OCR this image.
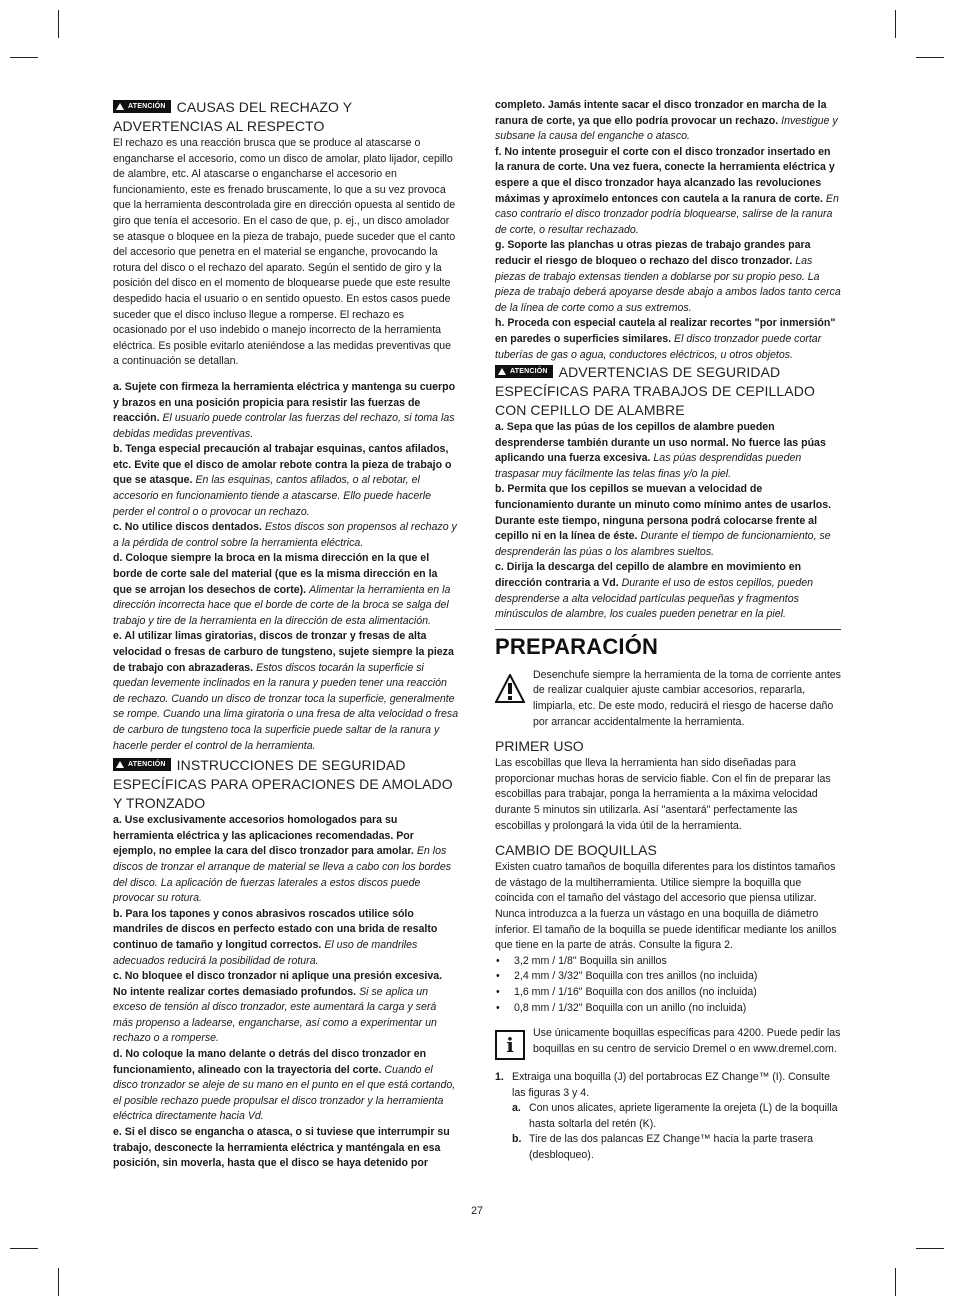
ATENCIÓN CAUSAS DEL RECHAZO Y ADVERTENCIAS AL RESPECTO

El rechazo es una reacción brusca que se produce al atascarse o engancharse el accesorio, como un disco de amolar, plato lijador, cepillo de alambre, etc. Al atascarse o engancharse el accesorio en funcionamiento, este es frenado bruscamente, lo que a su vez provoca que la herramienta descontrolada gire en dirección opuesta al sentido de giro que tenía el accesorio. En el caso de que, p. ej., un disco amolador se atasque o bloquee en la pieza de trabajo, puede suceder que el canto del accesorio que penetra en el material se enganche, provocando la rotura del disco o el rechazo del aparato. Según el sentido de giro y la posición del disco en el momento de bloquearse puede que este resulte despedido hacia el usuario o en sentido opuesto. En estos casos puede suceder que el disco incluso llegue a romperse. El rechazo es ocasionado por el uso indebido o manejo incorrecto de la herramienta eléctrica. Es posible evitarlo ateniéndose a las medidas preventivas que a continuación se detallan.

a. Sujete con firmeza la herramienta eléctrica y mantenga su cuerpo y brazos en una posición propicia para resistir las fuerzas de reacción. El usuario puede controlar las fuerzas del rechazo, si toma las debidas medidas preventivas.

b. Tenga especial precaución al trabajar esquinas, cantos afilados, etc. Evite que el disco de amolar rebote contra la pieza de trabajo o que se atasque. En las esquinas, cantos afilados, o al rebotar, el accesorio en funcionamiento tiende a atascarse. Ello puede hacerle perder el control o o provocar un rechazo.

c. No utilice discos dentados. Estos discos son propensos al rechazo y a la pérdida de control sobre la herramienta eléctrica.

d. Coloque siempre la broca en la misma dirección en la que el borde de corte sale del material (que es la misma dirección en la que se arrojan los desechos de corte). Alimentar la herramienta en la dirección incorrecta hace que el borde de corte de la broca se salga del trabajo y tire de la herramienta en la dirección de esta alimentación.

e. Al utilizar limas giratorias, discos de tronzar y fresas de alta velocidad o fresas de carburo de tungsteno, sujete siempre la pieza de trabajo con abrazaderas. Estos discos tocarán la superficie si quedan levemente inclinados en la ranura y pueden tener una reacción de rechazo. Cuando un disco de tronzar toca la superficie, generalmente se rompe. Cuando una lima giratoria o una fresa de alta velocidad o fresa de carburo de tungsteno toca la superficie puede saltar de la ranura y hacerle perder el control de la herramienta.

ATENCIÓN INSTRUCCIONES DE SEGURIDAD ESPECÍFICAS PARA OPERACIONES DE AMOLADO Y TRONZADO

a. Use exclusivamente accesorios homologados para su herramienta eléctrica y las aplicaciones recomendadas. Por ejemplo, no emplee la cara del disco tronzador para amolar. En los discos de tronzar el arranque de material se lleva a cabo con los bordes del disco. La aplicación de fuerzas laterales a estos discos puede provocar su rotura.

b. Para los tapones y conos abrasivos roscados utilice sólo mandriles de discos en perfecto estado con una brida de resalto continuo de tamaño y longitud correctos. El uso de mandriles adecuados reducirá la posibilidad de rotura.

c. No bloquee el disco tronzador ni aplique una presión excesiva. No intente realizar cortes demasiado profundos. Si se aplica un exceso de tensión al disco tronzador, este aumentará la carga y será más propenso a ladearse, engancharse, así como a experimentar un rechazo o a romperse.

d. No coloque la mano delante o detrás del disco tronzador en funcionamiento, alineado con la trayectoria del corte. Cuando el disco tronzador se aleje de su mano en el punto en el que está cortando, el posible rechazo puede propulsar el disco tronzador y la herramienta eléctrica directamente hacia Vd.

e. Si el disco se engancha o atasca, o si tuviese que interrumpir su trabajo, desconecte la herramienta eléctrica y manténgala en esa posición, sin moverla, hasta que el disco se haya detenido por

completo. Jamás intente sacar el disco tronzador en marcha de la ranura de corte, ya que ello podría provocar un rechazo. Investigue y subsane la causa del enganche o atasco.

f. No intente proseguir el corte con el disco tronzador insertado en la ranura de corte. Una vez fuera, conecte la herramienta eléctrica y espere a que el disco tronzador haya alcanzado las revoluciones máximas y aproxímelo entonces con cautela a la ranura de corte. En caso contrario el disco tronzador podría bloquearse, salirse de la ranura de corte, o resultar rechazado.

g. Soporte las planchas u otras piezas de trabajo grandes para reducir el riesgo de bloqueo o rechazo del disco tronzador. Las piezas de trabajo extensas tienden a doblarse por su propio peso. La pieza de trabajo deberá apoyarse desde abajo a ambos lados tanto cerca de la línea de corte como a sus extremos.

h. Proceda con especial cautela al realizar recortes "por inmersión" en paredes o superficies similares. El disco tronzador puede cortar tuberías de gas o agua, conductores eléctricos, u otros objetos.

ATENCIÓN ADVERTENCIAS DE SEGURIDAD ESPECÍFICAS PARA TRABAJOS DE CEPILLADO CON CEPILLO DE ALAMBRE

a. Sepa que las púas de los cepillos de alambre pueden desprenderse también durante un uso normal. No fuerce las púas aplicando una fuerza excesiva. Las púas desprendidas pueden traspasar muy fácilmente las telas finas y/o la piel.

b. Permita que los cepillos se muevan a velocidad de funcionamiento durante un minuto como mínimo antes de usarlos. Durante este tiempo, ninguna persona podrá colocarse frente al cepillo ni en la línea de éste. Durante el tiempo de funcionamiento, se desprenderán las púas o los alambres sueltos.

c. Dirija la descarga del cepillo de alambre en movimiento en dirección contraria a Vd. Durante el uso de estos cepillos, pueden desprenderse a alta velocidad partículas pequeñas y fragmentos minúsculos de alambre, los cuales pueden penetrar en la piel.

PREPARACIÓN

Desenchufe siempre la herramienta de la toma de corriente antes de realizar cualquier ajuste cambiar accesorios, repararla, limpiarla, etc. De este modo, reducirá el riesgo de hacerse daño por arrancar accidentalmente la herramienta.

PRIMER USO

Las escobillas que lleva la herramienta han sido diseñadas para proporcionar muchas horas de servicio fiable. Con el fin de preparar las escobillas para trabajar, ponga la herramienta a la máxima velocidad durante 5 minutos sin utilizarla. Así "asentará" perfectamente las escobillas y prolongará la vida útil de la herramienta.

CAMBIO DE BOQUILLAS

Existen cuatro tamaños de boquilla diferentes para los distintos tamaños de vástago de la multiherramienta. Utilice siempre la boquilla que coincida con el tamaño del vástago del accesorio que piensa utilizar. Nunca introduzca a la fuerza un vástago en una boquilla de diámetro inferior. El tamaño de la boquilla se puede identificar mediante los anillos que tiene en la parte de atrás. Consulte la figura 2.

•	3,2 mm / 1/8" Boquilla sin anillos
•	2,4 mm / 3/32" Boquilla con tres anillos (no incluida)
•	1,6 mm / 1/16" Boquilla con dos anillos (no incluida)
•	0,8 mm / 1/32" Boquilla con un anillo (no incluida)
i	Use únicamente boquillas específicas para 4200. Puede pedir las boquillas en su centro de servicio Dremel o en www.dremel.com.

1. Extraiga una boquilla (J) del portabrocas EZ Change™ (I). Consulte las figuras 3 y 4.
a. Con unos alicates, apriete ligeramente la orejeta (L) de la boquilla hasta soltarla del retén (K).
b. Tire de las dos palancas EZ Change™ hacia la parte trasera (desbloqueo).
27
